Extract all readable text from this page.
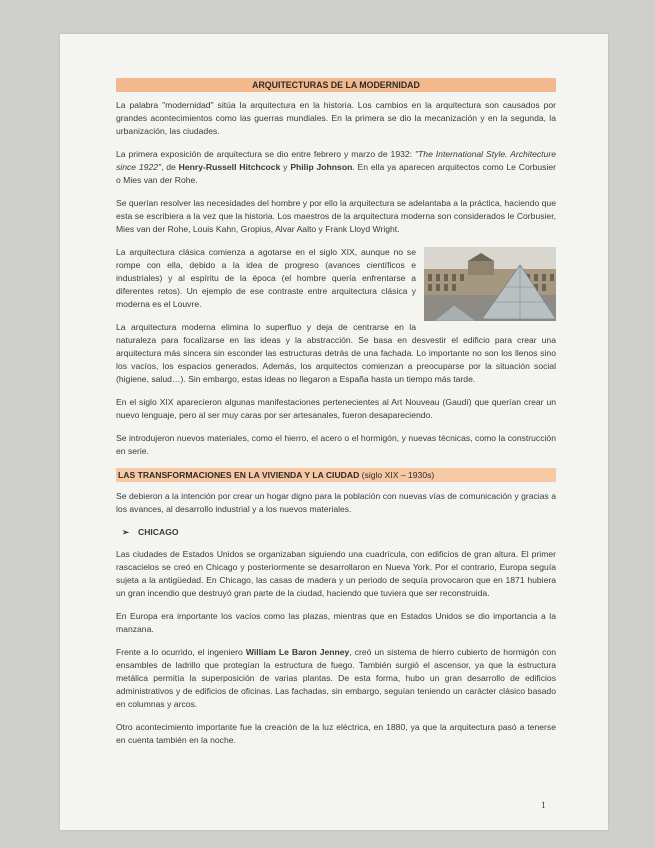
ARQUITECTURAS DE LA MODERNIDAD

La palabra "modernidad" sitúa la arquitectura en la historia. Los cambios en la arquitectura son causados por grandes acontecimientos como las guerras mundiales. En la primera se dio la mecanización y en la segunda, la urbanización, las ciudades.

La primera exposición de arquitectura se dio entre febrero y marzo de 1932: "The International Style. Architecture since 1922", de Henry-Russell Hitchcock y Philip Johnson. En ella ya aparecen arquitectos como Le Corbusier o Mies van der Rohe.

Se querían resolver las necesidades del hombre y por ello la arquitectura se adelantaba a la práctica, haciendo que esta se escribiera a la vez que la historia. Los maestros de la arquitectura moderna son considerados le Corbusier, Mies van der Rohe, Louis Kahn, Gropius, Alvar Aalto y Frank Lloyd Wright.

La arquitectura clásica comienza a agotarse en el siglo XIX, aunque no se rompe con ella, debido a la idea de progreso (avances científicos e industriales) y al espíritu de la época (el hombre quería enfrentarse a diferentes retos). Un ejemplo de ese contraste entre arquitectura clásica y moderna es el Louvre.

La arquitectura moderna elimina lo superfluo y deja de centrarse en la naturaleza para focalizarse en las ideas y la abstracción. Se basa en desvestir el edificio para crear una arquitectura más sincera sin esconder las estructuras detrás de una fachada. Lo importante no son los llenos sino los vacíos, los espacios generados. Además, los arquitectos comienzan a preocuparse por la situación social (higiene, salud…). Sin embargo, estas ideas no llegaron a España hasta un tiempo más tarde.

En el siglo XIX aparecieron algunas manifestaciones pertenecientes al Art Nouveau (Gaudí) que querían crear un nuevo lenguaje, pero al ser muy caras por ser artesanales, fueron desapareciendo.

Se introdujeron nuevos materiales, como el hierro, el acero o el hormigón, y nuevas técnicas, como la construcción en serie.

LAS TRANSFORMACIONES EN LA VIVIENDA Y LA CIUDAD (siglo XIX – 1930s)

Se debieron a la intención por crear un hogar digno para la población con nuevas vías de comunicación y gracias a los avances, al desarrollo industrial y a los nuevos materiales.

➢ CHICAGO

Las ciudades de Estados Unidos se organizaban siguiendo una cuadrícula, con edificios de gran altura. El primer rascacielos se creó en Chicago y posteriormente se desarrollaron en Nueva York. Por el contrario, Europa seguía sujeta a la antigüedad. En Chicago, las casas de madera y un periodo de sequía provocaron que en 1871 hubiera un gran incendio que destruyó gran parte de la ciudad, haciendo que tuviera que ser reconstruida.

En Europa era importante los vacíos como las plazas, mientras que en Estados Unidos se dio importancia a la manzana.

Frente a lo ocurrido, el ingeniero William Le Baron Jenney, creó un sistema de hierro cubierto de hormigón con ensambles de ladrillo que protegían la estructura de fuego. También surgió el ascensor, ya que la estructura metálica permitía la superposición de varias plantas. De esta forma, hubo un gran desarrollo de edificios administrativos y de edificios de oficinas. Las fachadas, sin embargo, seguían teniendo un carácter clásico basado en columnas y arcos.

Otro acontecimiento importante fue la creación de la luz eléctrica, en 1880, ya que la arquitectura pasó a tenerse en cuenta también en la noche.

1
